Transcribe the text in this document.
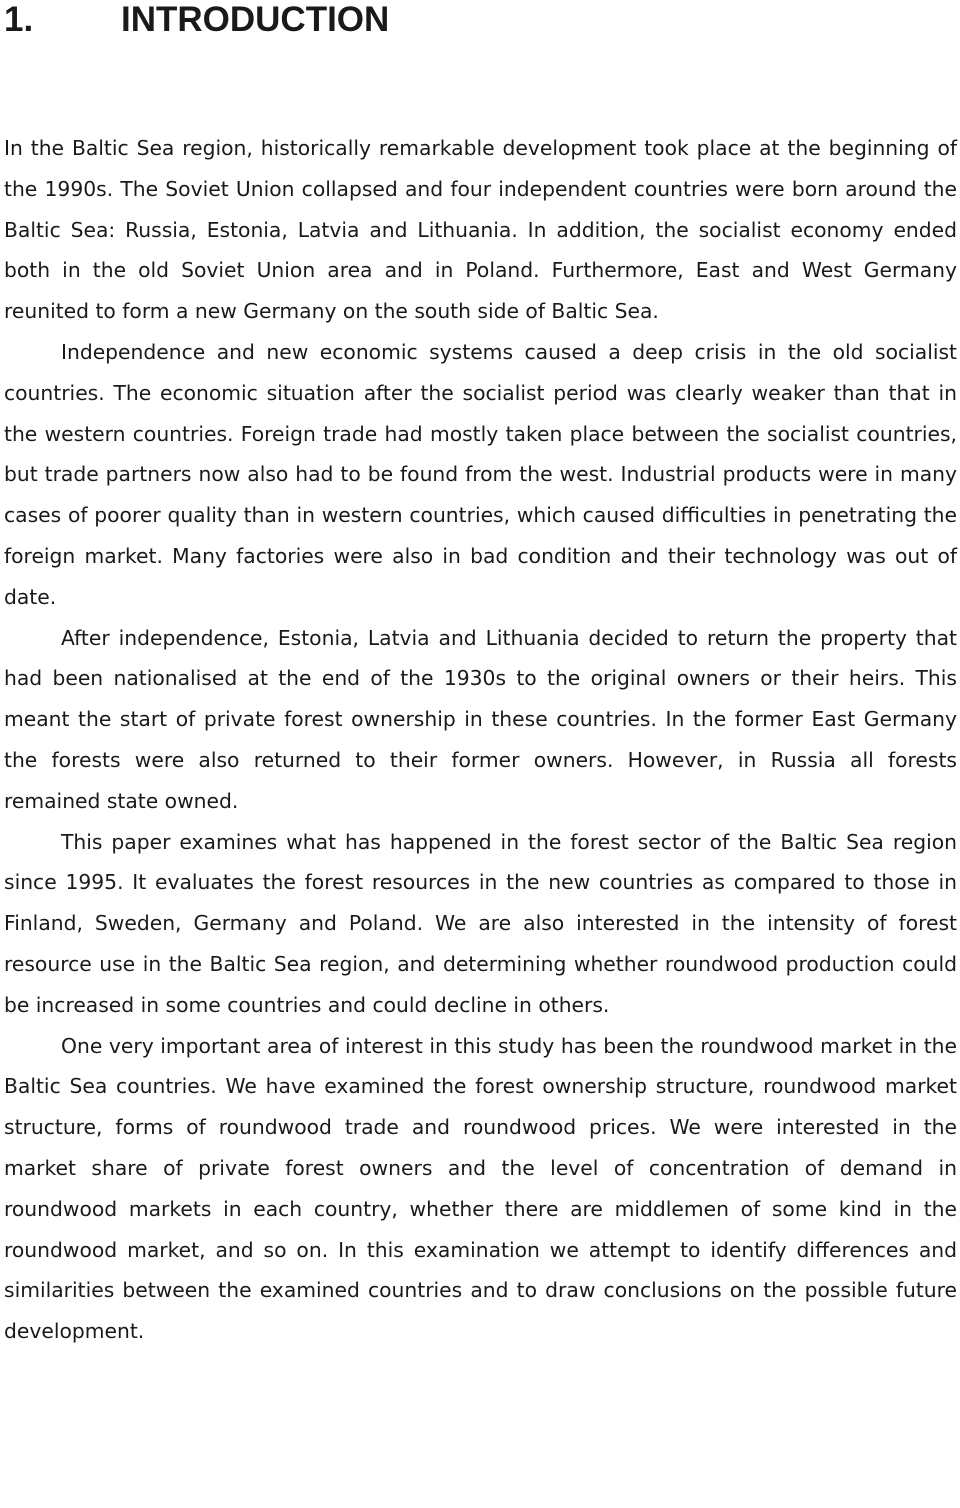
1.	INTRODUCTION

In the Baltic Sea region, historically remarkable development took place at the beginning of the 1990s. The Soviet Union collapsed and four independent countries were born around the Baltic Sea: Russia, Estonia, Latvia and Lithuania. In addition, the socialist economy ended both in the old Soviet Union area and in Poland. Furthermore, East and West Germany reunited to form a new Germany on the south side of Baltic Sea.

Independence and new economic systems caused a deep crisis in the old socialist countries. The economic situation after the socialist period was clearly weaker than that in the western countries. Foreign trade had mostly taken place between the socialist countries, but trade partners now also had to be found from the west. Industrial products were in many cases of poorer quality than in western countries, which caused difficulties in penetrating the foreign market. Many factories were also in bad condition and their technology was out of date.

After independence, Estonia, Latvia and Lithuania decided to return the property that had been nationalised at the end of the 1930s to the original owners or their heirs. This meant the start of private forest ownership in these countries. In the former East Germany the forests were also returned to their former owners. However, in Russia all forests remained state owned.

This paper examines what has happened in the forest sector of the Baltic Sea region since 1995. It evaluates the forest resources in the new countries as compared to those in Finland, Sweden, Germany and Poland. We are also interested in the intensity of forest resource use in the Baltic Sea region, and determining whether roundwood production could be increased in some countries and could decline in others.

One very important area of interest in this study has been the roundwood market in the Baltic Sea countries. We have examined the forest ownership structure, roundwood market structure, forms of roundwood trade and roundwood prices. We were interested in the market share of private forest owners and the level of concentration of demand in roundwood markets in each country, whether there are middlemen of some kind in the roundwood market, and so on. In this examination we attempt to identify differences and similarities between the examined countries and to draw conclusions on the possible future development.
